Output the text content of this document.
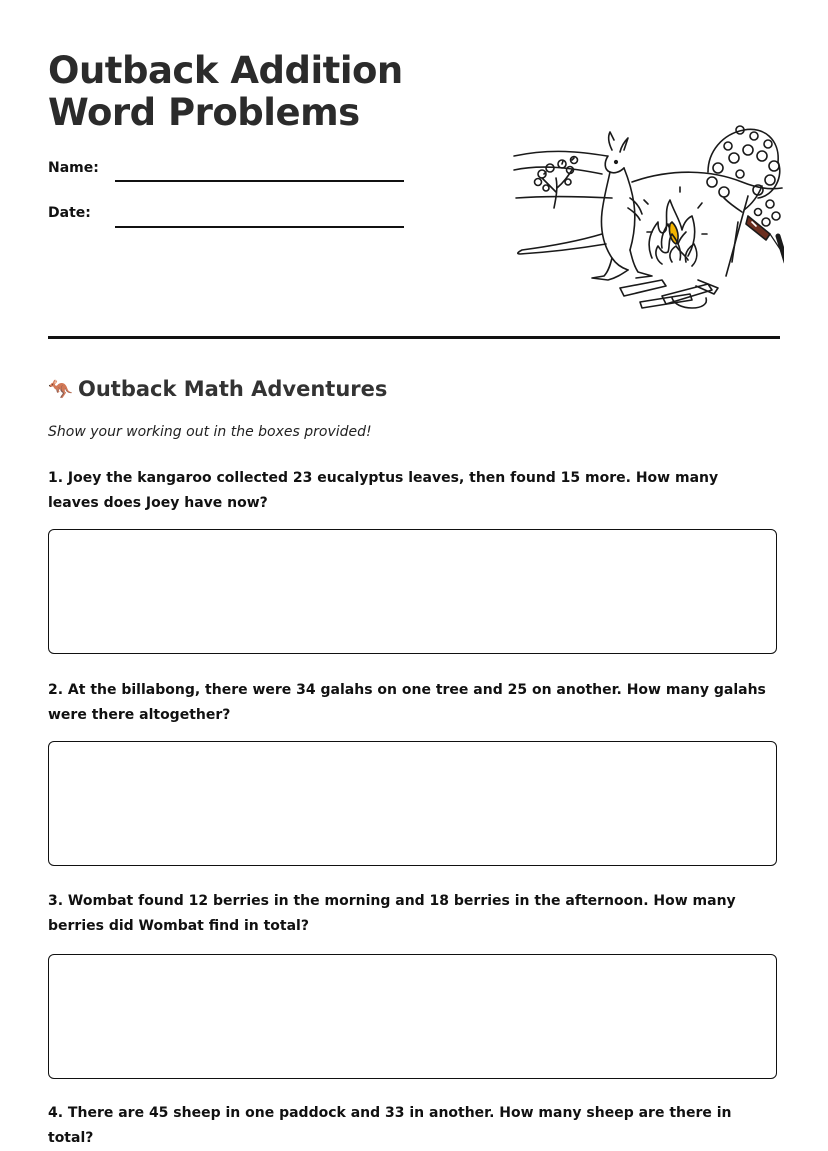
Outback Addition Word Problems
Name:
Date:
🦘 Outback Math Adventures
Show your working out in the boxes provided!

1. Joey the kangaroo collected 23 eucalyptus leaves, then found 15 more. How many leaves does Joey have now?

2. At the billabong, there were 34 galahs on one tree and 25 on another. How many galahs were there altogether?

3. Wombat found 12 berries in the morning and 18 berries in the afternoon. How many berries did Wombat find in total?

4. There are 45 sheep in one paddock and 33 in another. How many sheep are there in total?
